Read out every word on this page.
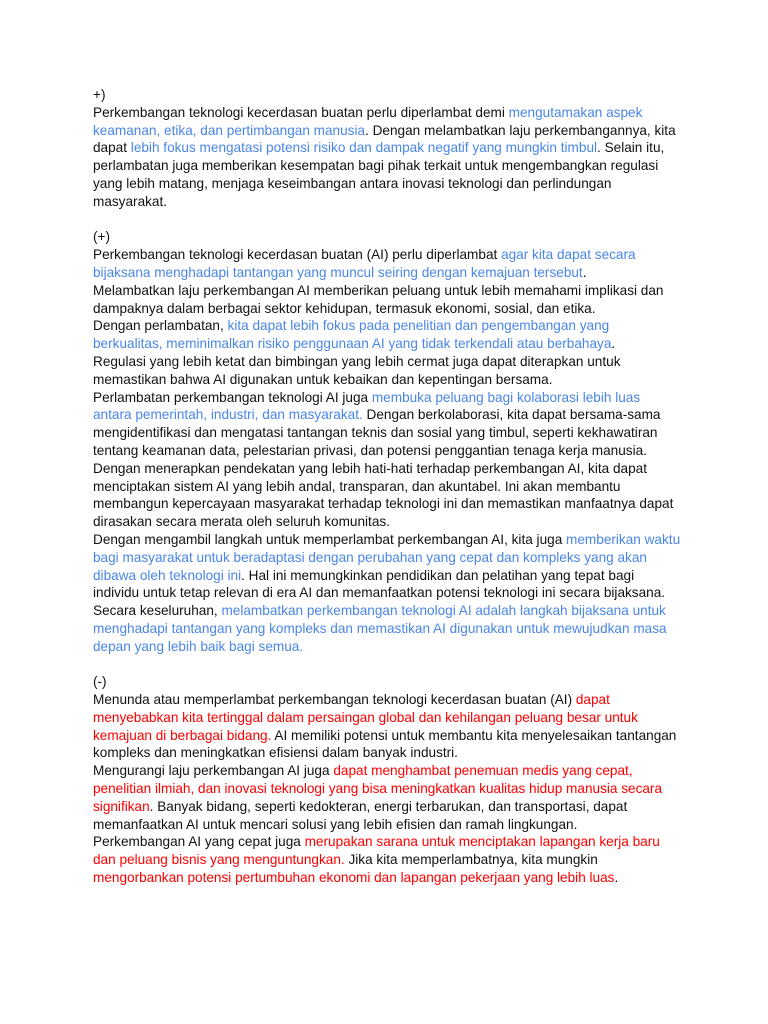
+)
Perkembangan teknologi kecerdasan buatan perlu diperlambat demi mengutamakan aspek keamanan, etika, dan pertimbangan manusia. Dengan melambatkan laju perkembangannya, kita dapat lebih fokus mengatasi potensi risiko dan dampak negatif yang mungkin timbul. Selain itu, perlambatan juga memberikan kesempatan bagi pihak terkait untuk mengembangkan regulasi yang lebih matang, menjaga keseimbangan antara inovasi teknologi dan perlindungan masyarakat.
(+)
Perkembangan teknologi kecerdasan buatan (AI) perlu diperlambat agar kita dapat secara bijaksana menghadapi tantangan yang muncul seiring dengan kemajuan tersebut.
Melambatkan laju perkembangan AI memberikan peluang untuk lebih memahami implikasi dan dampaknya dalam berbagai sektor kehidupan, termasuk ekonomi, sosial, dan etika.
Dengan perlambatan, kita dapat lebih fokus pada penelitian dan pengembangan yang berkualitas, meminimalkan risiko penggunaan AI yang tidak terkendali atau berbahaya.
Regulasi yang lebih ketat dan bimbingan yang lebih cermat juga dapat diterapkan untuk memastikan bahwa AI digunakan untuk kebaikan dan kepentingan bersama.
Perlambatan perkembangan teknologi AI juga membuka peluang bagi kolaborasi lebih luas antara pemerintah, industri, dan masyarakat. Dengan berkolaborasi, kita dapat bersama-sama mengidentifikasi dan mengatasi tantangan teknis dan sosial yang timbul, seperti kekhawatiran tentang keamanan data, pelestarian privasi, dan potensi penggantian tenaga kerja manusia.
Dengan menerapkan pendekatan yang lebih hati-hati terhadap perkembangan AI, kita dapat menciptakan sistem AI yang lebih andal, transparan, dan akuntabel. Ini akan membantu membangun kepercayaan masyarakat terhadap teknologi ini dan memastikan manfaatnya dapat dirasakan secara merata oleh seluruh komunitas.
Dengan mengambil langkah untuk memperlambat perkembangan AI, kita juga memberikan waktu bagi masyarakat untuk beradaptasi dengan perubahan yang cepat dan kompleks yang akan dibawa oleh teknologi ini. Hal ini memungkinkan pendidikan dan pelatihan yang tepat bagi individu untuk tetap relevan di era AI dan memanfaatkan potensi teknologi ini secara bijaksana.
Secara keseluruhan, melambatkan perkembangan teknologi AI adalah langkah bijaksana untuk menghadapi tantangan yang kompleks dan memastikan AI digunakan untuk mewujudkan masa depan yang lebih baik bagi semua.
(-)
Menunda atau memperlambat perkembangan teknologi kecerdasan buatan (AI) dapat menyebabkan kita tertinggal dalam persaingan global dan kehilangan peluang besar untuk kemajuan di berbagai bidang. AI memiliki potensi untuk membantu kita menyelesaikan tantangan kompleks dan meningkatkan efisiensi dalam banyak industri.
Mengurangi laju perkembangan AI juga dapat menghambat penemuan medis yang cepat, penelitian ilmiah, dan inovasi teknologi yang bisa meningkatkan kualitas hidup manusia secara signifikan. Banyak bidang, seperti kedokteran, energi terbarukan, dan transportasi, dapat memanfaatkan AI untuk mencari solusi yang lebih efisien dan ramah lingkungan.
Perkembangan AI yang cepat juga merupakan sarana untuk menciptakan lapangan kerja baru dan peluang bisnis yang menguntungkan. Jika kita memperlambatnya, kita mungkin mengorbankan potensi pertumbuhan ekonomi dan lapangan pekerjaan yang lebih luas.
